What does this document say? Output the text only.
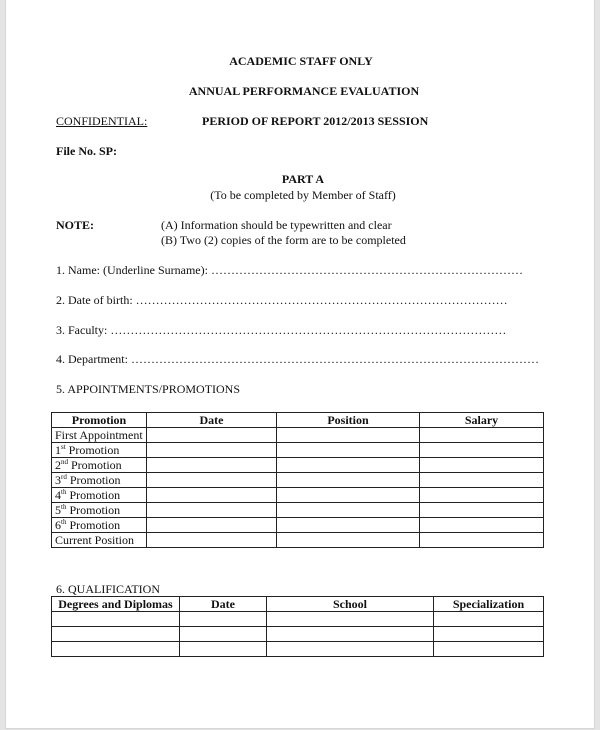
ACADEMIC STAFF ONLY
ANNUAL PERFORMANCE EVALUATION
CONFIDENTIAL:	PERIOD OF REPORT 2012/2013 SESSION
File No. SP:
PART A
(To be completed by Member of Staff)
NOTE:	(A) Information should be typewritten and clear
(B) Two (2) copies of the form are to be completed
1. Name: (Underline Surname): ……………………………………………………………………
2. Date of birth: …………………………………………………………………………………
3. Faculty: ………………………………………………………………………………………
4. Department: …………………………………………………………………………………………
5. APPOINTMENTS/PROMOTIONS
Promotion	Date	Position	Salary
First Appointment			
1st Promotion			
2nd Promotion			
3rd Promotion			
4th Promotion			
5th Promotion			
6th Promotion			
Current Position			
6. QUALIFICATION
Degrees and Diplomas	Date	School	Specialization
